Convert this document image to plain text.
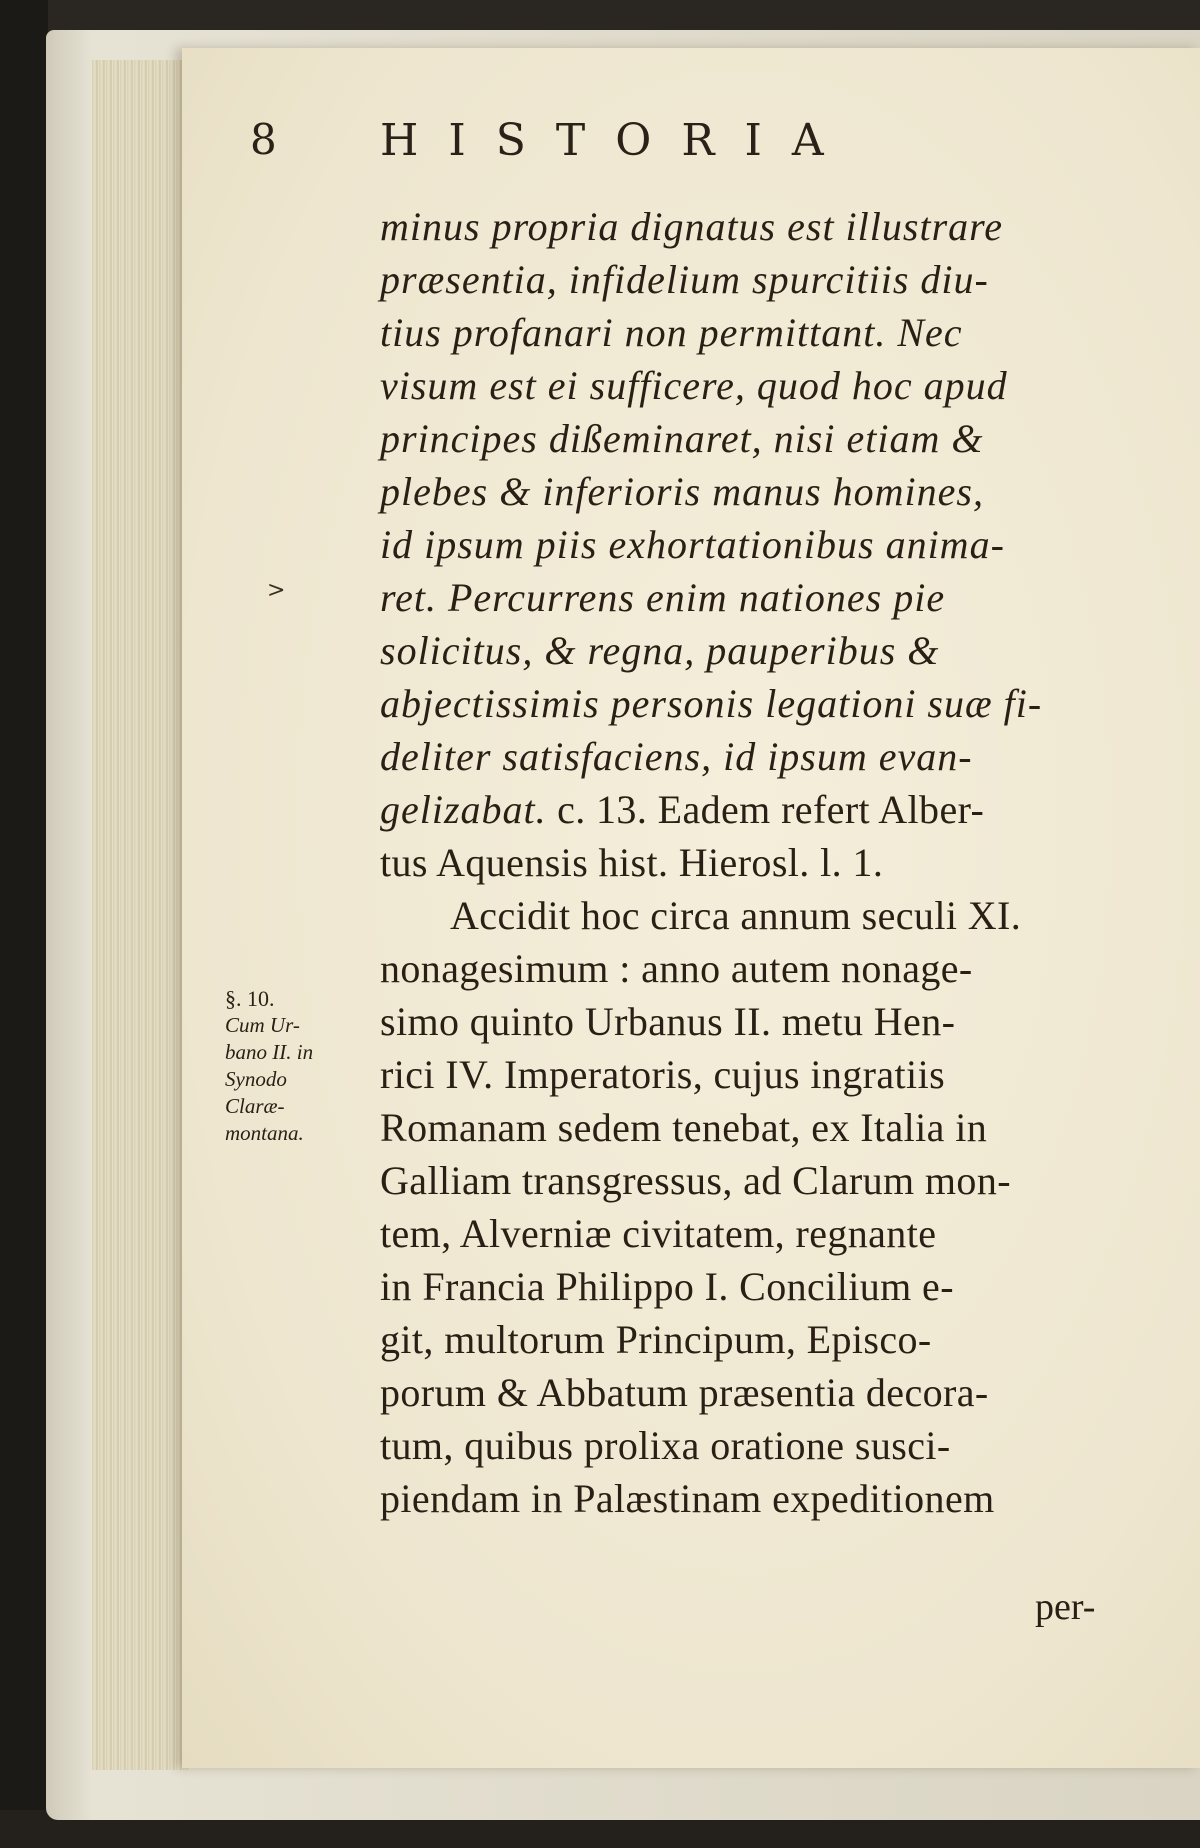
8 HISTORIA
>
minus propria dignatus est illustrare
præsentia, infidelium spurcitiis diu-
tius profanari non permittant. Nec
visum est ei sufficere, quod hoc apud
principes dißeminaret, nisi etiam &
plebes & inferioris manus homines,
id ipsum piis exhortationibus anima-
ret. Percurrens enim nationes pie
solicitus, & regna, pauperibus &
abjectissimis personis legationi suæ fi-
deliter satisfaciens, id ipsum evan-
gelizabat. c. 13. Eadem refert Alber-
tus Aquensis hist. Hierosl. l. 1.
Accidit hoc circa annum seculi XI.
nonagesimum : anno autem nonage-
simo quinto Urbanus II. metu Hen-
rici IV. Imperatoris, cujus ingratiis
Romanam sedem tenebat, ex Italia in
Galliam transgressus, ad Clarum mon-
tem, Alverniæ civitatem, regnante
in Francia Philippo I. Concilium e-
git, multorum Principum, Episco-
porum & Abbatum præsentia decora-
tum, quibus prolixa oratione susci-
piendam in Palæstinam expeditionem
per-
§. 10.
Cum Ur-
bano II. in
Synodo
Claræ-
montana.
